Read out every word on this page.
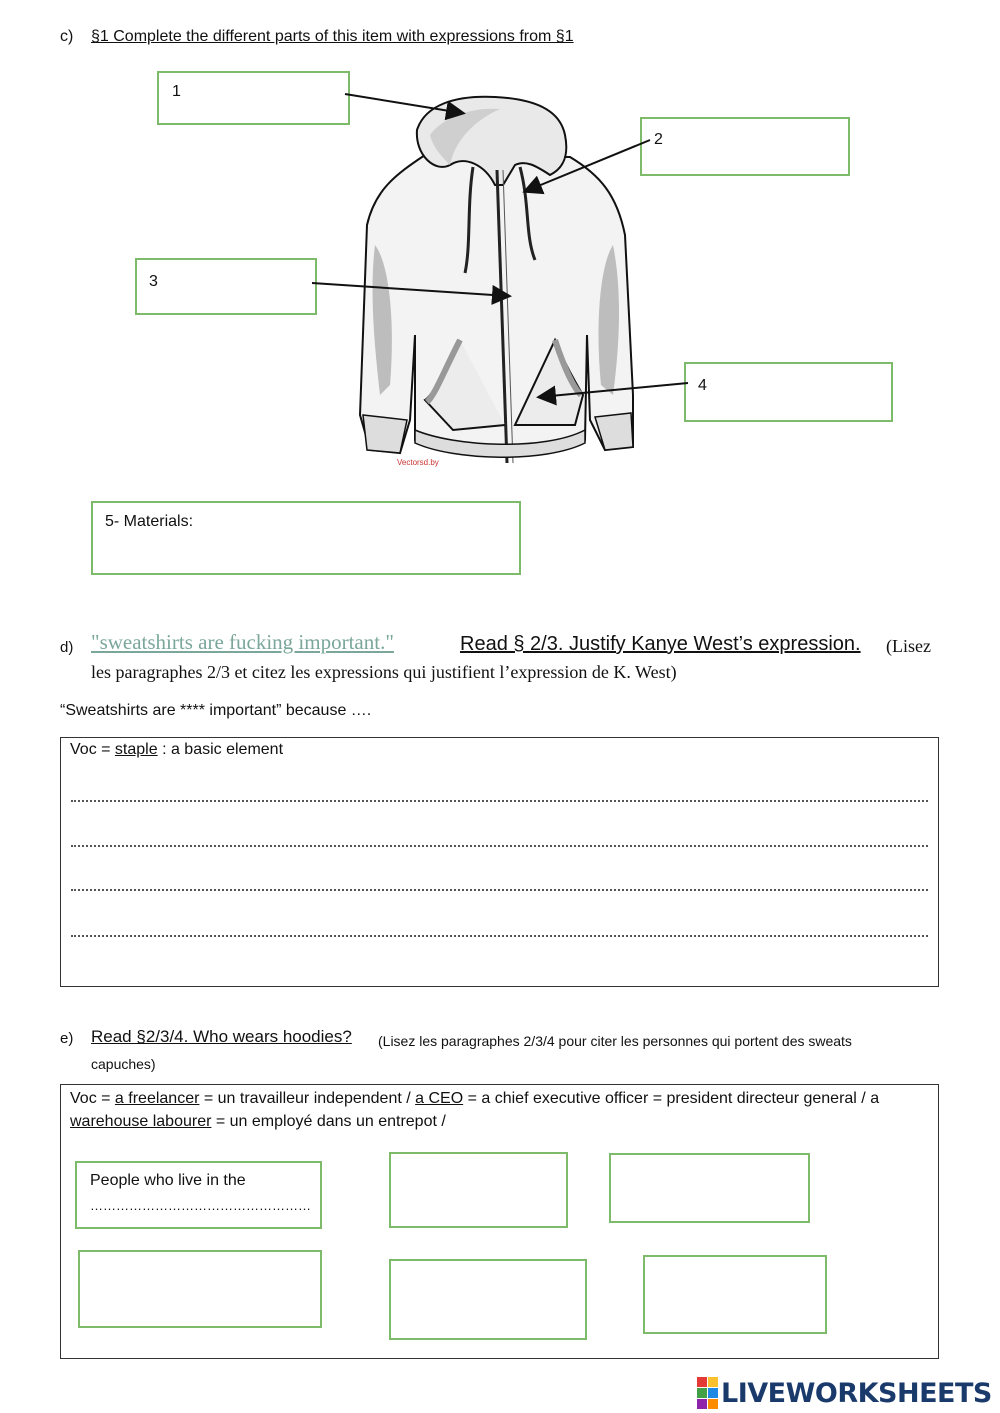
c) §1 Complete the different parts of this item with expressions from §1
Vectorsd.by
1
2
3
4
5- Materials:
d) "sweatshirts are fucking important."	Read § 2/3. Justify Kanye West’s expression. (Lisez
les paragraphes 2/3 et citez les expressions qui justifient l’expression de K. West)
“Sweatshirts are **** important” because ….
Voc = staple : a basic element
e) Read §2/3/4. Who wears hoodies?	(Lisez les paragraphes 2/3/4 pour citer les personnes qui portent des sweats capuches)
Voc = a freelancer = un travailleur independent / a CEO = a chief executive officer = president directeur general / a
warehouse labourer = un employé dans un entrepot /
People who live in the
……………………………………………
LIVEWORKSHEETS
